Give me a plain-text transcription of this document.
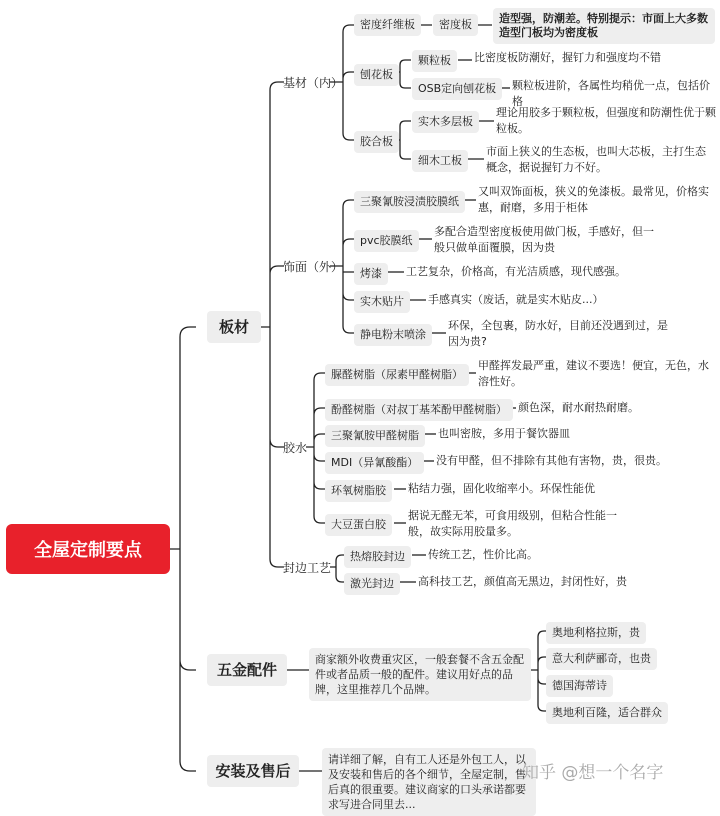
全屋定制要点
板材
五金配件
安装及售后
基材（内）
饰面（外）
胶水
封边工艺
密度纤维板	密度板	造型强，防潮差。特别提示：市面上大多数造型门板均为密度板
刨花板
颗粒板	比密度板防潮好，握钉力和强度均不错
OSB定向刨花板	颗粒板进阶，各属性均稍优一点，包括价格
胶合板
实木多层板
理论用胶多于颗粒板，但强度和防潮性优于颗粒板。
细木工板
市面上狭义的生态板，也叫大芯板，主打生态概念，据说握钉力不好。
三聚氰胺浸渍胶膜纸
又叫双饰面板，狭义的免漆板。最常见，价格实惠，耐磨，多用于柜体
pvc胶膜纸
多配合造型密度板使用做门板，手感好，但一般只做单面覆膜，因为贵
烤漆	工艺复杂，价格高，有光洁质感，现代感强。
实木贴片	手感真实（废话，就是实木贴皮...）
静电粉末喷涂
环保，全包裹，防水好，目前还没遇到过，是因为贵?
脲醛树脂（尿素甲醛树脂）
甲醛挥发最严重，建议不要选！便宜，无色，水溶性好。
酚醛树脂（对叔丁基苯酚甲醛树脂）	颜色深，耐水耐热耐磨。
三聚氰胺甲醛树脂	也叫密胺，多用于餐饮器皿
MDI（异氰酸酯）	没有甲醛，但不排除有其他有害物，贵，很贵。
环氧树脂胶	粘结力强，固化收缩率小。环保性能优
大豆蛋白胶
据说无醛无苯，可食用级别，但粘合性能一般，故实际用胶量多。
热熔胶封边	传统工艺，性价比高。
激光封边	高科技工艺，颜值高无黑边，封闭性好，贵
商家额外收费重灾区，一般套餐不含五金配件或者品质一般的配件。建议用好点的品牌，这里推荐几个品牌。
奥地利格拉斯，贵
意大利萨郦奇，也贵
德国海蒂诗
奥地利百隆，适合群众
请详细了解，自有工人还是外包工人，以及安装和售后的各个细节，全屋定制，售后真的很重要。建议商家的口头承诺都要求写进合同里去...
知乎 @想一个名字
